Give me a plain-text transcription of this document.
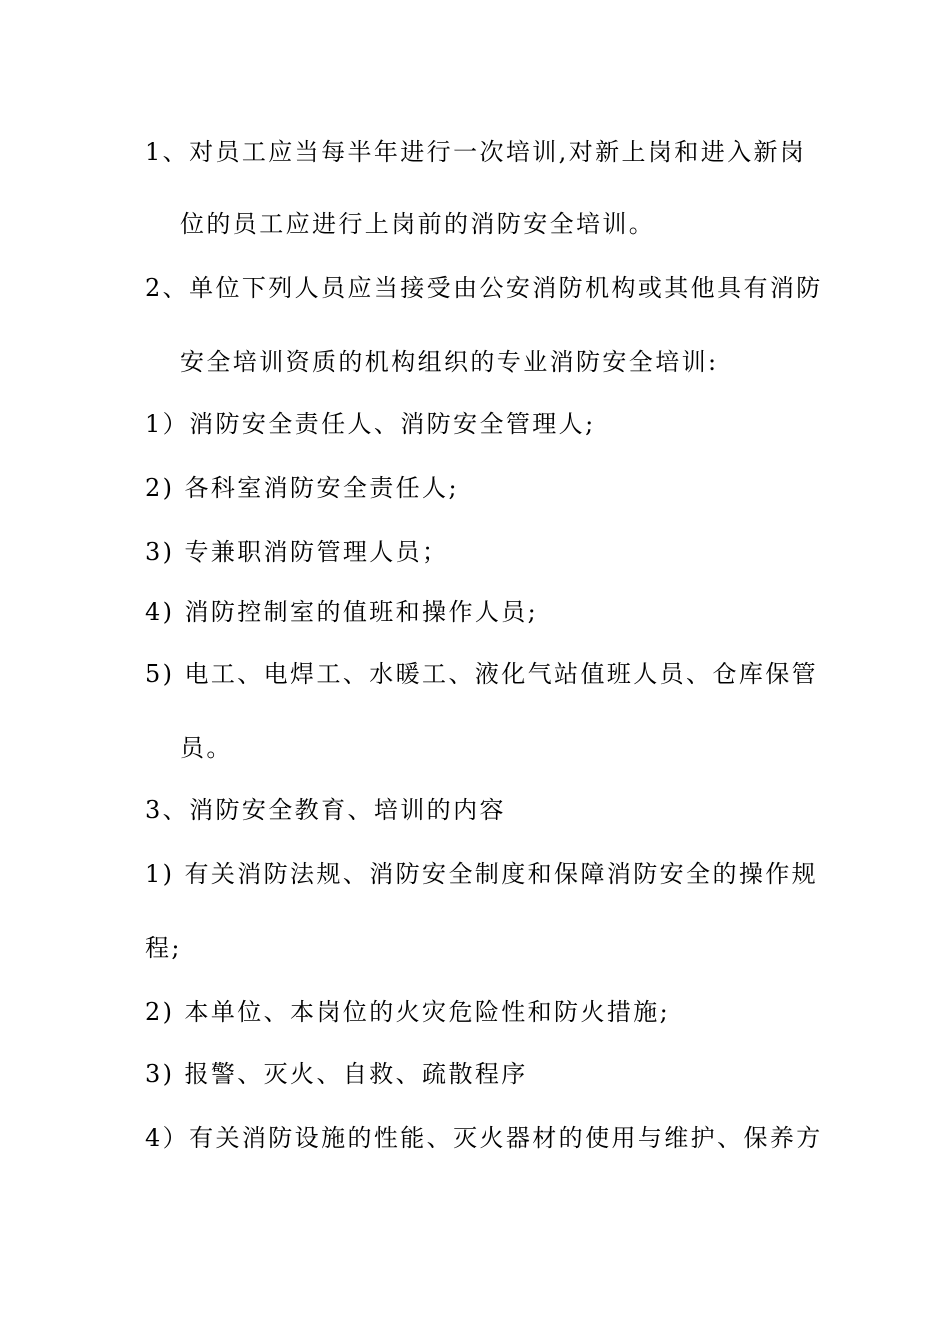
1、对员工应当每半年进行一次培训,对新上岗和进入新岗
位的员工应进行上岗前的消防安全培训。
2、单位下列人员应当接受由公安消防机构或其他具有消防
安全培训资质的机构组织的专业消防安全培训:
1）消防安全责任人、消防安全管理人;
2) 各科室消防安全责任人;
3) 专兼职消防管理人员；
4) 消防控制室的值班和操作人员;
5) 电工、电焊工、水暖工、液化气站值班人员、仓库保管
员。
3、消防安全教育、培训的内容
1) 有关消防法规、消防安全制度和保障消防安全的操作规
程;
2) 本单位、本岗位的火灾危险性和防火措施;
3) 报警、灭火、自救、疏散程序
4）有关消防设施的性能、灭火器材的使用与维护、保养方
